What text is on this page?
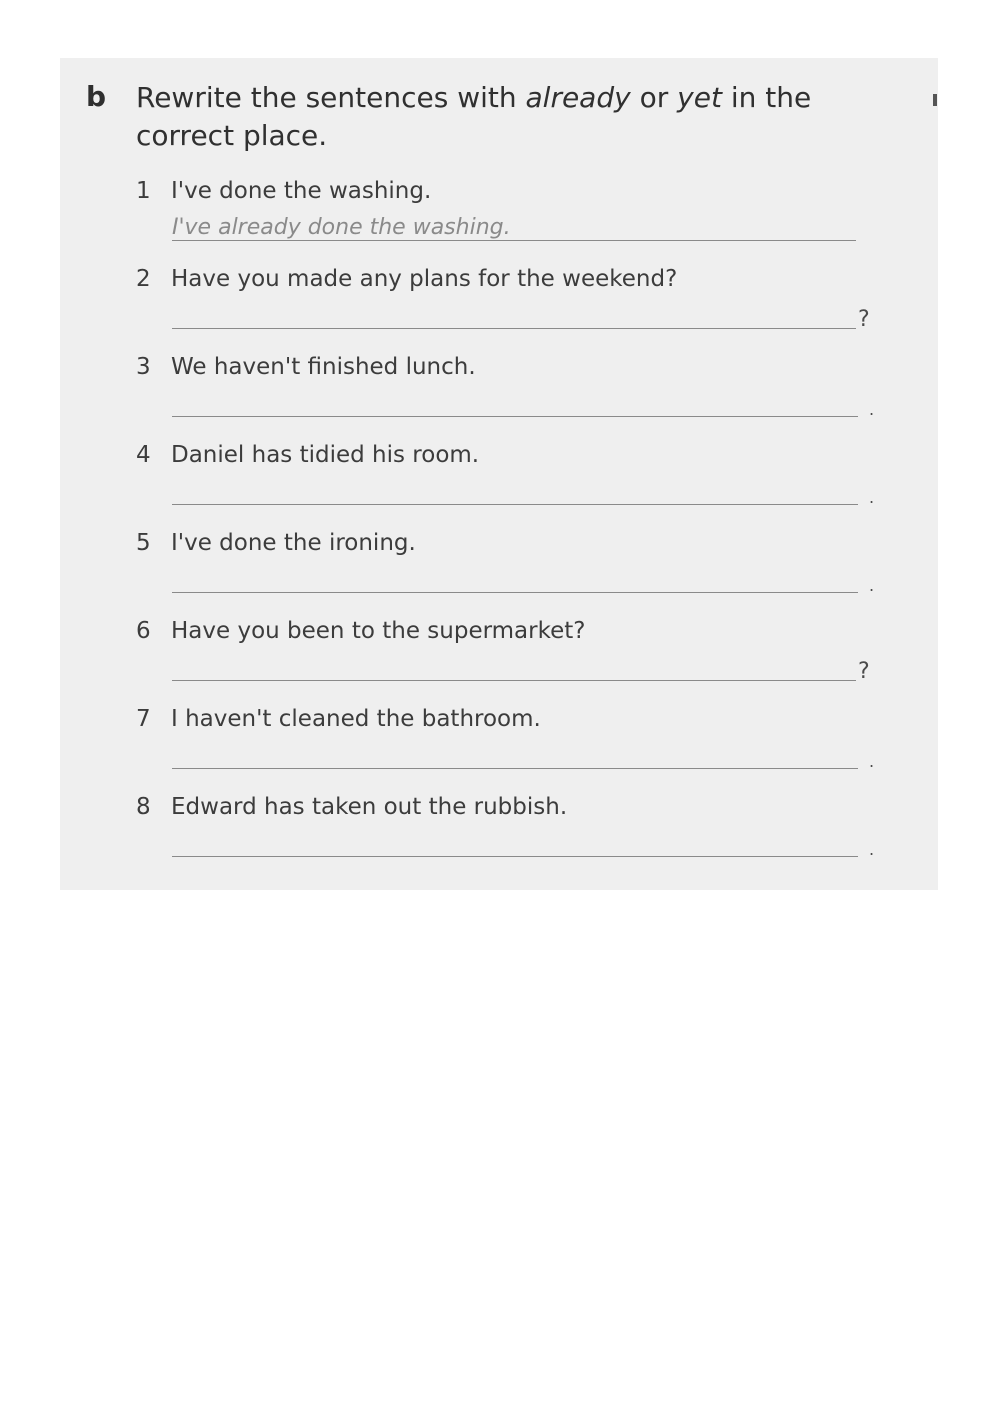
b Rewrite the sentences with already or yet in the correct place.
1 I've done the washing.
I've already done the washing.
2 Have you made any plans for the weekend?
?
3 We haven't finished lunch.
.
4 Daniel has tidied his room.
.
5 I've done the ironing.
.
6 Have you been to the supermarket?
?
7 I haven't cleaned the bathroom.
.
8 Edward has taken out the rubbish.
.
